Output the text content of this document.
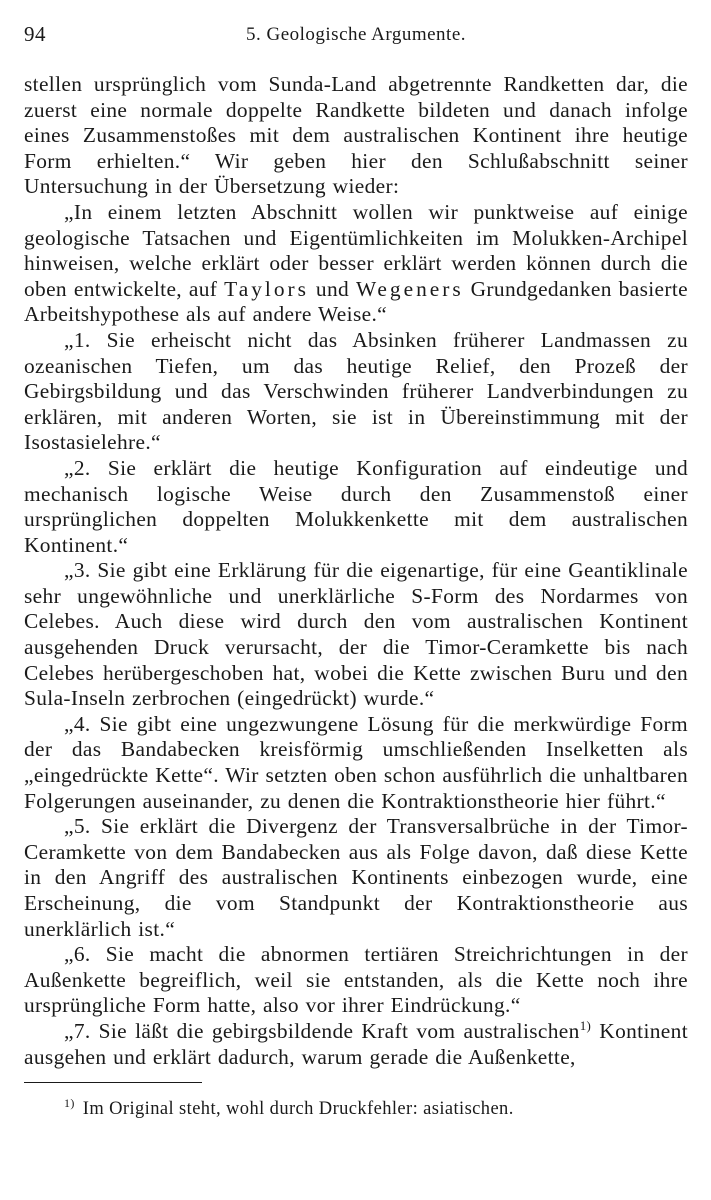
94	5. Geologische Argumente.

stellen ursprünglich vom Sunda-Land abgetrennte Randketten dar, die zuerst eine normale doppelte Randkette bildeten und danach infolge eines Zusammenstoßes mit dem australischen Kontinent ihre heutige Form erhielten.“ Wir geben hier den Schlußabschnitt seiner Untersuchung in der Übersetzung wieder:

„In einem letzten Abschnitt wollen wir punktweise auf einige geologische Tatsachen und Eigentümlichkeiten im Molukken-Archipel hinweisen, welche erklärt oder besser erklärt werden können durch die oben entwickelte, auf Taylors und Wegeners Grundgedanken basierte Arbeitshypothese als auf andere Weise.“

„1. Sie erheischt nicht das Absinken früherer Landmassen zu ozeanischen Tiefen, um das heutige Relief, den Prozeß der Gebirgsbildung und das Verschwinden früherer Landverbindungen zu erklären, mit anderen Worten, sie ist in Übereinstimmung mit der Isostasielehre.“

„2. Sie erklärt die heutige Konfiguration auf eindeutige und mechanisch logische Weise durch den Zusammenstoß einer ursprünglichen doppelten Molukkenkette mit dem australischen Kontinent.“

„3. Sie gibt eine Erklärung für die eigenartige, für eine Geantiklinale sehr ungewöhnliche und unerklärliche S-Form des Nordarmes von Celebes. Auch diese wird durch den vom australischen Kontinent ausgehenden Druck verursacht, der die Timor-Ceramkette bis nach Celebes herübergeschoben hat, wobei die Kette zwischen Buru und den Sula-Inseln zerbrochen (eingedrückt) wurde.“

„4. Sie gibt eine ungezwungene Lösung für die merkwürdige Form der das Bandabecken kreisförmig umschließenden Inselketten als „eingedrückte Kette“. Wir setzten oben schon ausführlich die unhaltbaren Folgerungen auseinander, zu denen die Kontraktionstheorie hier führt.“

„5. Sie erklärt die Divergenz der Transversalbrüche in der Timor-Ceramkette von dem Bandabecken aus als Folge davon, daß diese Kette in den Angriff des australischen Kontinents einbezogen wurde, eine Erscheinung, die vom Standpunkt der Kontraktionstheorie aus unerklärlich ist.“

„6. Sie macht die abnormen tertiären Streichrichtungen in der Außenkette begreiflich, weil sie entstanden, als die Kette noch ihre ursprüngliche Form hatte, also vor ihrer Eindrückung.“

„7. Sie läßt die gebirgsbildende Kraft vom australischen$^{1)}$ Kontinent ausgehen und erklärt dadurch, warum gerade die Außenkette,

$^{1)}$ Im Original steht, wohl durch Druckfehler: asiatischen.
